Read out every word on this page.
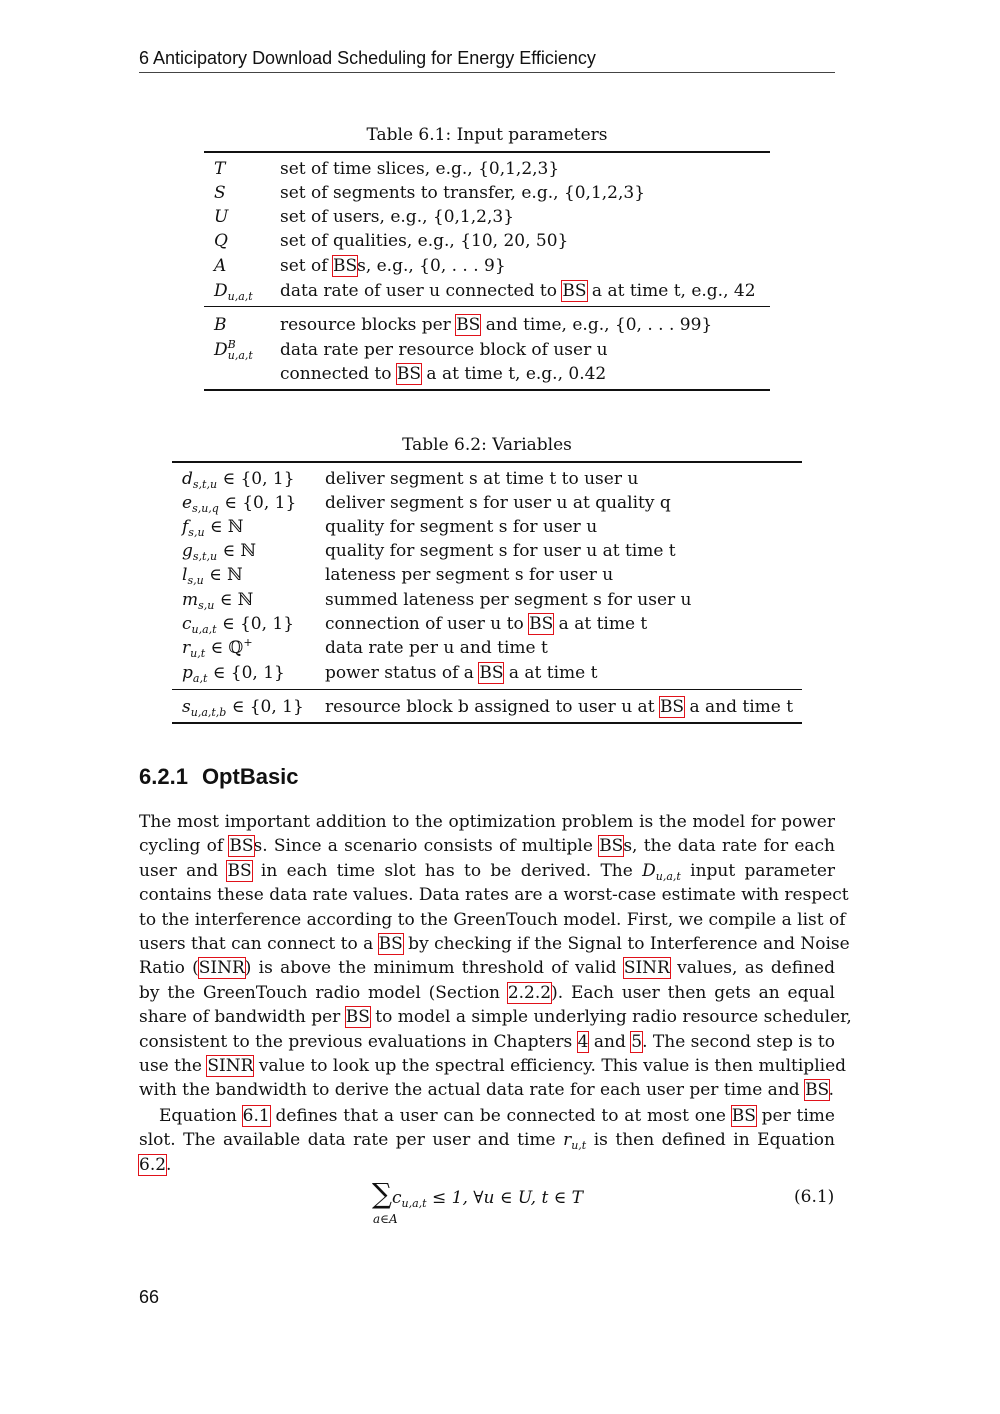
6 Anticipatory Download Scheduling for Energy Efficiency
Table 6.1: Input parameters
T	set of time slices, e.g., {0,1,2,3}
S	set of segments to transfer, e.g., {0,1,2,3}
U	set of users, e.g., {0,1,2,3}
Q	set of qualities, e.g., {10, 20, 50}
A	set of BSs, e.g., {0, . . . 9}
$D_{u,a,t}$ data rate of user u connected to BS a at time t, e.g., 42
B	resource blocks per BS and time, e.g., {0, . . . 99}
$D^B_{u,a,t}$ data rate per resource block of user u
connected to BS a at time t, e.g., 0.42
Table 6.2: Variables
$d_{s,t,u}$ ∈ {0, 1} deliver segment s at time t to user u
$e_{s,u,q}$ ∈ {0, 1} deliver segment s for user u at quality q
$f_{s,u}$ ∈ ℕ	quality for segment s for user u
$g_{s,t,u}$ ∈ ℕ	quality for segment s for user u at time t
$l_{s,u}$ ∈ ℕ	lateness per segment s for user u
$m_{s,u}$ ∈ ℕ	summed lateness per segment s for user u
$c_{u,a,t}$ ∈ {0, 1} connection of user u to BS a at time t
$r_{u,t}$ ∈ ℚ+	data rate per u and time t
$p_{a,t}$ ∈ {0, 1} power status of a BS a at time t
$s_{u,a,t,b}$ ∈ {0, 1} resource block b assigned to user u at BS a and time t
6.2.1 OptBasic
The most important addition to the optimization problem is the model for power
cycling of BSs. Since a scenario consists of multiple BSs, the data rate for each
user and BS in each time slot has to be derived. The $D_{u,a,t}$ input parameter
contains these data rate values. Data rates are a worst-case estimate with respect
to the interference according to the GreenTouch model. First, we compile a list of
users that can connect to a BS by checking if the Signal to Interference and Noise
Ratio (SINR) is above the minimum threshold of valid SINR values, as defined
by the GreenTouch radio model (Section 2.2.2). Each user then gets an equal
share of bandwidth per BS to model a simple underlying radio resource scheduler,
consistent to the previous evaluations in Chapters 4 and 5. The second step is to
use the SINR value to look up the spectral efficiency. This value is then multiplied
with the bandwidth to derive the actual data rate for each user per time and BS.
Equation 6.1 defines that a user can be connected to at most one BS per time
slot. The available data rate per user and time $r_{u,t}$ is then defined in Equation
6.2.
$\sum c_{u,a,t} \le 1$, ∀u ∈ U, t ∈ T
a∈A
(6.1)
66
